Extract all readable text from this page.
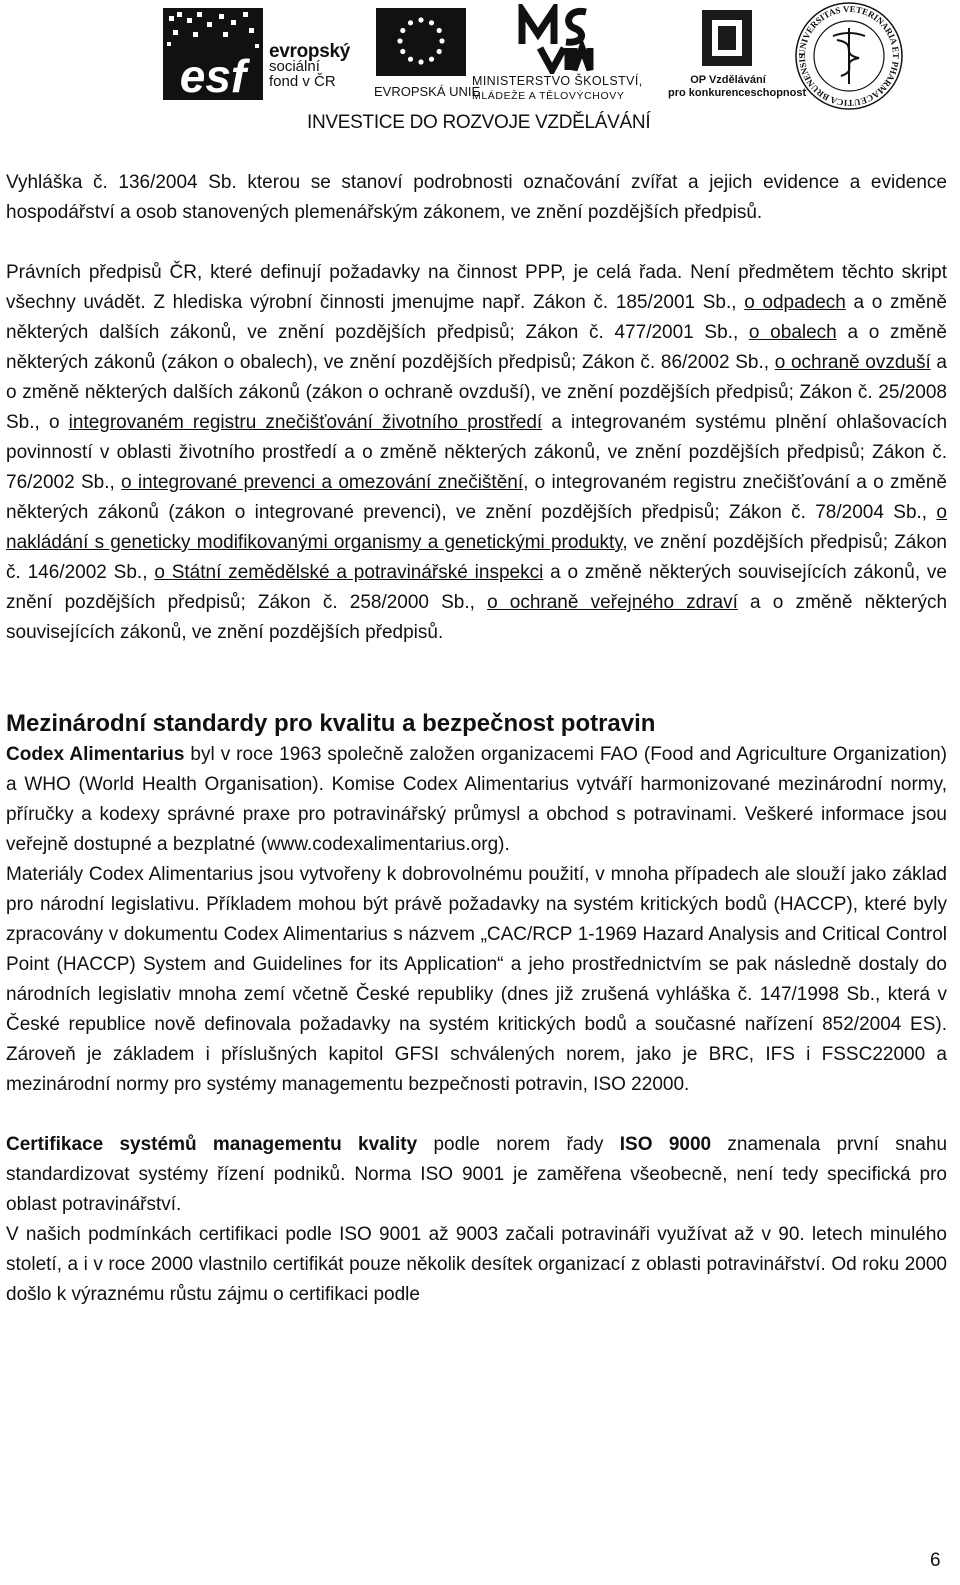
esf evropský
sociální
fond v ČR
EVROPSKÁ UNIE
MINISTERSTVO ŠKOLSTVÍ,
MLÁDEŽE A TĚLOVÝCHOVY
OP Vzdělávání
pro konkurenceschopnost
UNIVERSITAS VETERINARIA ET PHARMACEUTICA BRUNENSIS
INVESTICE DO ROZVOJE VZDĚLÁVÁNÍ

Vyhláška č. 136/2004 Sb. kterou se stanoví podrobnosti označování zvířat a jejich evidence a evidence hospodářství a osob stanovených plemenářským zákonem, ve znění pozdějších předpisů.

Právních předpisů ČR, které definují požadavky na činnost PPP, je celá řada. Není předmětem těchto skript všechny uvádět. Z hlediska výrobní činnosti jmenujme např. Zákon č. 185/2001 Sb., o odpadech a o změně některých dalších zákonů, ve znění pozdějších předpisů; Zákon č. 477/2001 Sb., o obalech a o změně některých zákonů (zákon o obalech), ve znění pozdějších předpisů; Zákon č. 86/2002 Sb., o ochraně ovzduší a o změně některých dalších zákonů (zákon o ochraně ovzduší), ve znění pozdějších předpisů; Zákon č. 25/2008 Sb., o integrovaném registru znečišťování životního prostředí a integrovaném systému plnění ohlašovacích povinností v oblasti životního prostředí a o změně některých zákonů, ve znění pozdějších předpisů; Zákon č. 76/2002 Sb., o integrované prevenci a omezování znečištění, o integrovaném registru znečišťování a o změně některých zákonů (zákon o integrované prevenci), ve znění pozdějších předpisů; Zákon č. 78/2004 Sb., o nakládání s geneticky modifikovanými organismy a genetickými produkty, ve znění pozdějších předpisů; Zákon č. 146/2002 Sb., o Státní zemědělské a potravinářské inspekci a o změně některých souvisejících zákonů, ve znění pozdějších předpisů; Zákon č. 258/2000 Sb., o ochraně veřejného zdraví a o změně některých souvisejících zákonů, ve znění pozdějších předpisů.

Mezinárodní standardy pro kvalitu a bezpečnost potravin

Codex Alimentarius byl v roce 1963 společně založen organizacemi FAO (Food and Agriculture Organization) a WHO (World Health Organisation). Komise Codex Alimentarius vytváří harmonizované mezinárodní normy, příručky a kodexy správné praxe pro potravinářský průmysl a obchod s potravinami. Veškeré informace jsou veřejně dostupné a bezplatné (www.codexalimentarius.org).

Materiály Codex Alimentarius jsou vytvořeny k dobrovolnému použití, v mnoha případech ale slouží jako základ pro národní legislativu. Příkladem mohou být právě požadavky na systém kritických bodů (HACCP), které byly zpracovány v dokumentu Codex Alimentarius s názvem „CAC/RCP 1-1969 Hazard Analysis and Critical Control Point (HACCP) System and Guidelines for its Application“ a jeho prostřednictvím se pak následně dostaly do národních legislativ mnoha zemí včetně České republiky (dnes již zrušená vyhláška č. 147/1998 Sb., která v České republice nově definovala požadavky na systém kritických bodů a současné nařízení 852/2004 ES). Zároveň je základem i příslušných kapitol GFSI schválených norem, jako je BRC, IFS i FSSC22000 a mezinárodní normy pro systémy managementu bezpečnosti potravin, ISO 22000.

Certifikace systémů managementu kvality podle norem řady ISO 9000 znamenala první snahu standardizovat systémy řízení podniků. Norma ISO 9001 je zaměřena všeobecně, není tedy specifická pro oblast potravinářství.

V našich podmínkách certifikaci podle ISO 9001 až 9003 začali potravináři využívat až v 90. letech minulého století, a i v roce 2000 vlastnilo certifikát pouze několik desítek organizací z oblasti potravinářství. Od roku 2000 došlo k výraznému růstu zájmu o certifikaci podle

6
